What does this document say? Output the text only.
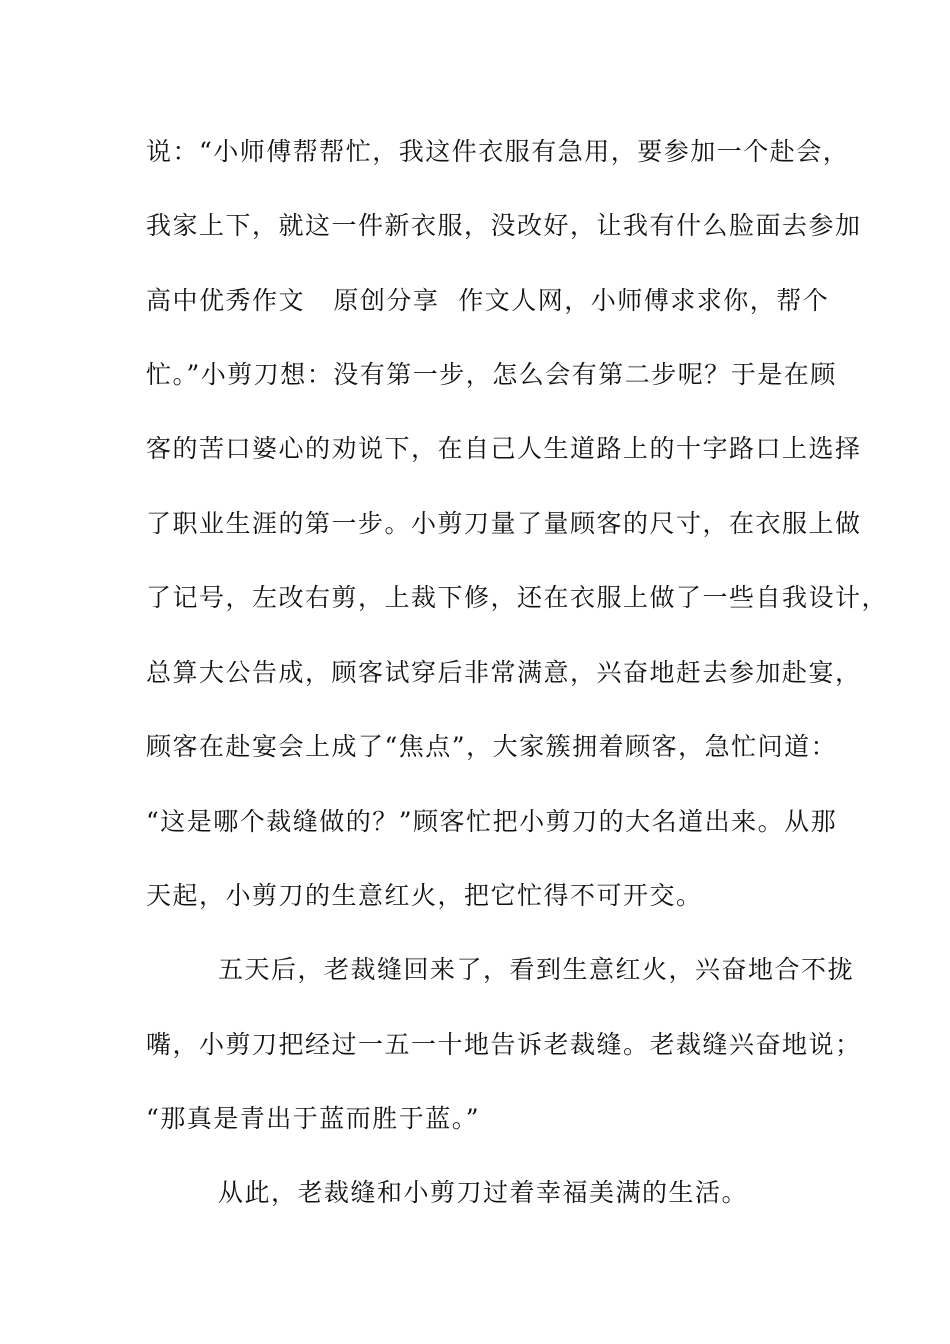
说：“小师傅帮帮忙，我这件衣服有急用，要参加一个赴会，
我家上下，就这一件新衣服，没改好，让我有什么脸面去参加
高中优秀作文   原创分享  作文人网，小师傅求求你，帮个
忙。”小剪刀想：没有第一步，怎么会有第二步呢？于是在顾
客的苦口婆心的劝说下，在自己人生道路上的十字路口上选择
了职业生涯的第一步。小剪刀量了量顾客的尺寸，在衣服上做
了记号，左改右剪，上裁下修，还在衣服上做了一些自我设计，
总算大公告成，顾客试穿后非常满意，兴奋地赶去参加赴宴，
顾客在赴宴会上成了“焦点”，大家簇拥着顾客，急忙问道：
“这是哪个裁缝做的？”顾客忙把小剪刀的大名道出来。从那
天起，小剪刀的生意红火，把它忙得不可开交。
五天后，老裁缝回来了，看到生意红火，兴奋地合不拢
嘴，小剪刀把经过一五一十地告诉老裁缝。老裁缝兴奋地说；
“那真是青出于蓝而胜于蓝。”
从此，老裁缝和小剪刀过着幸福美满的生活。
